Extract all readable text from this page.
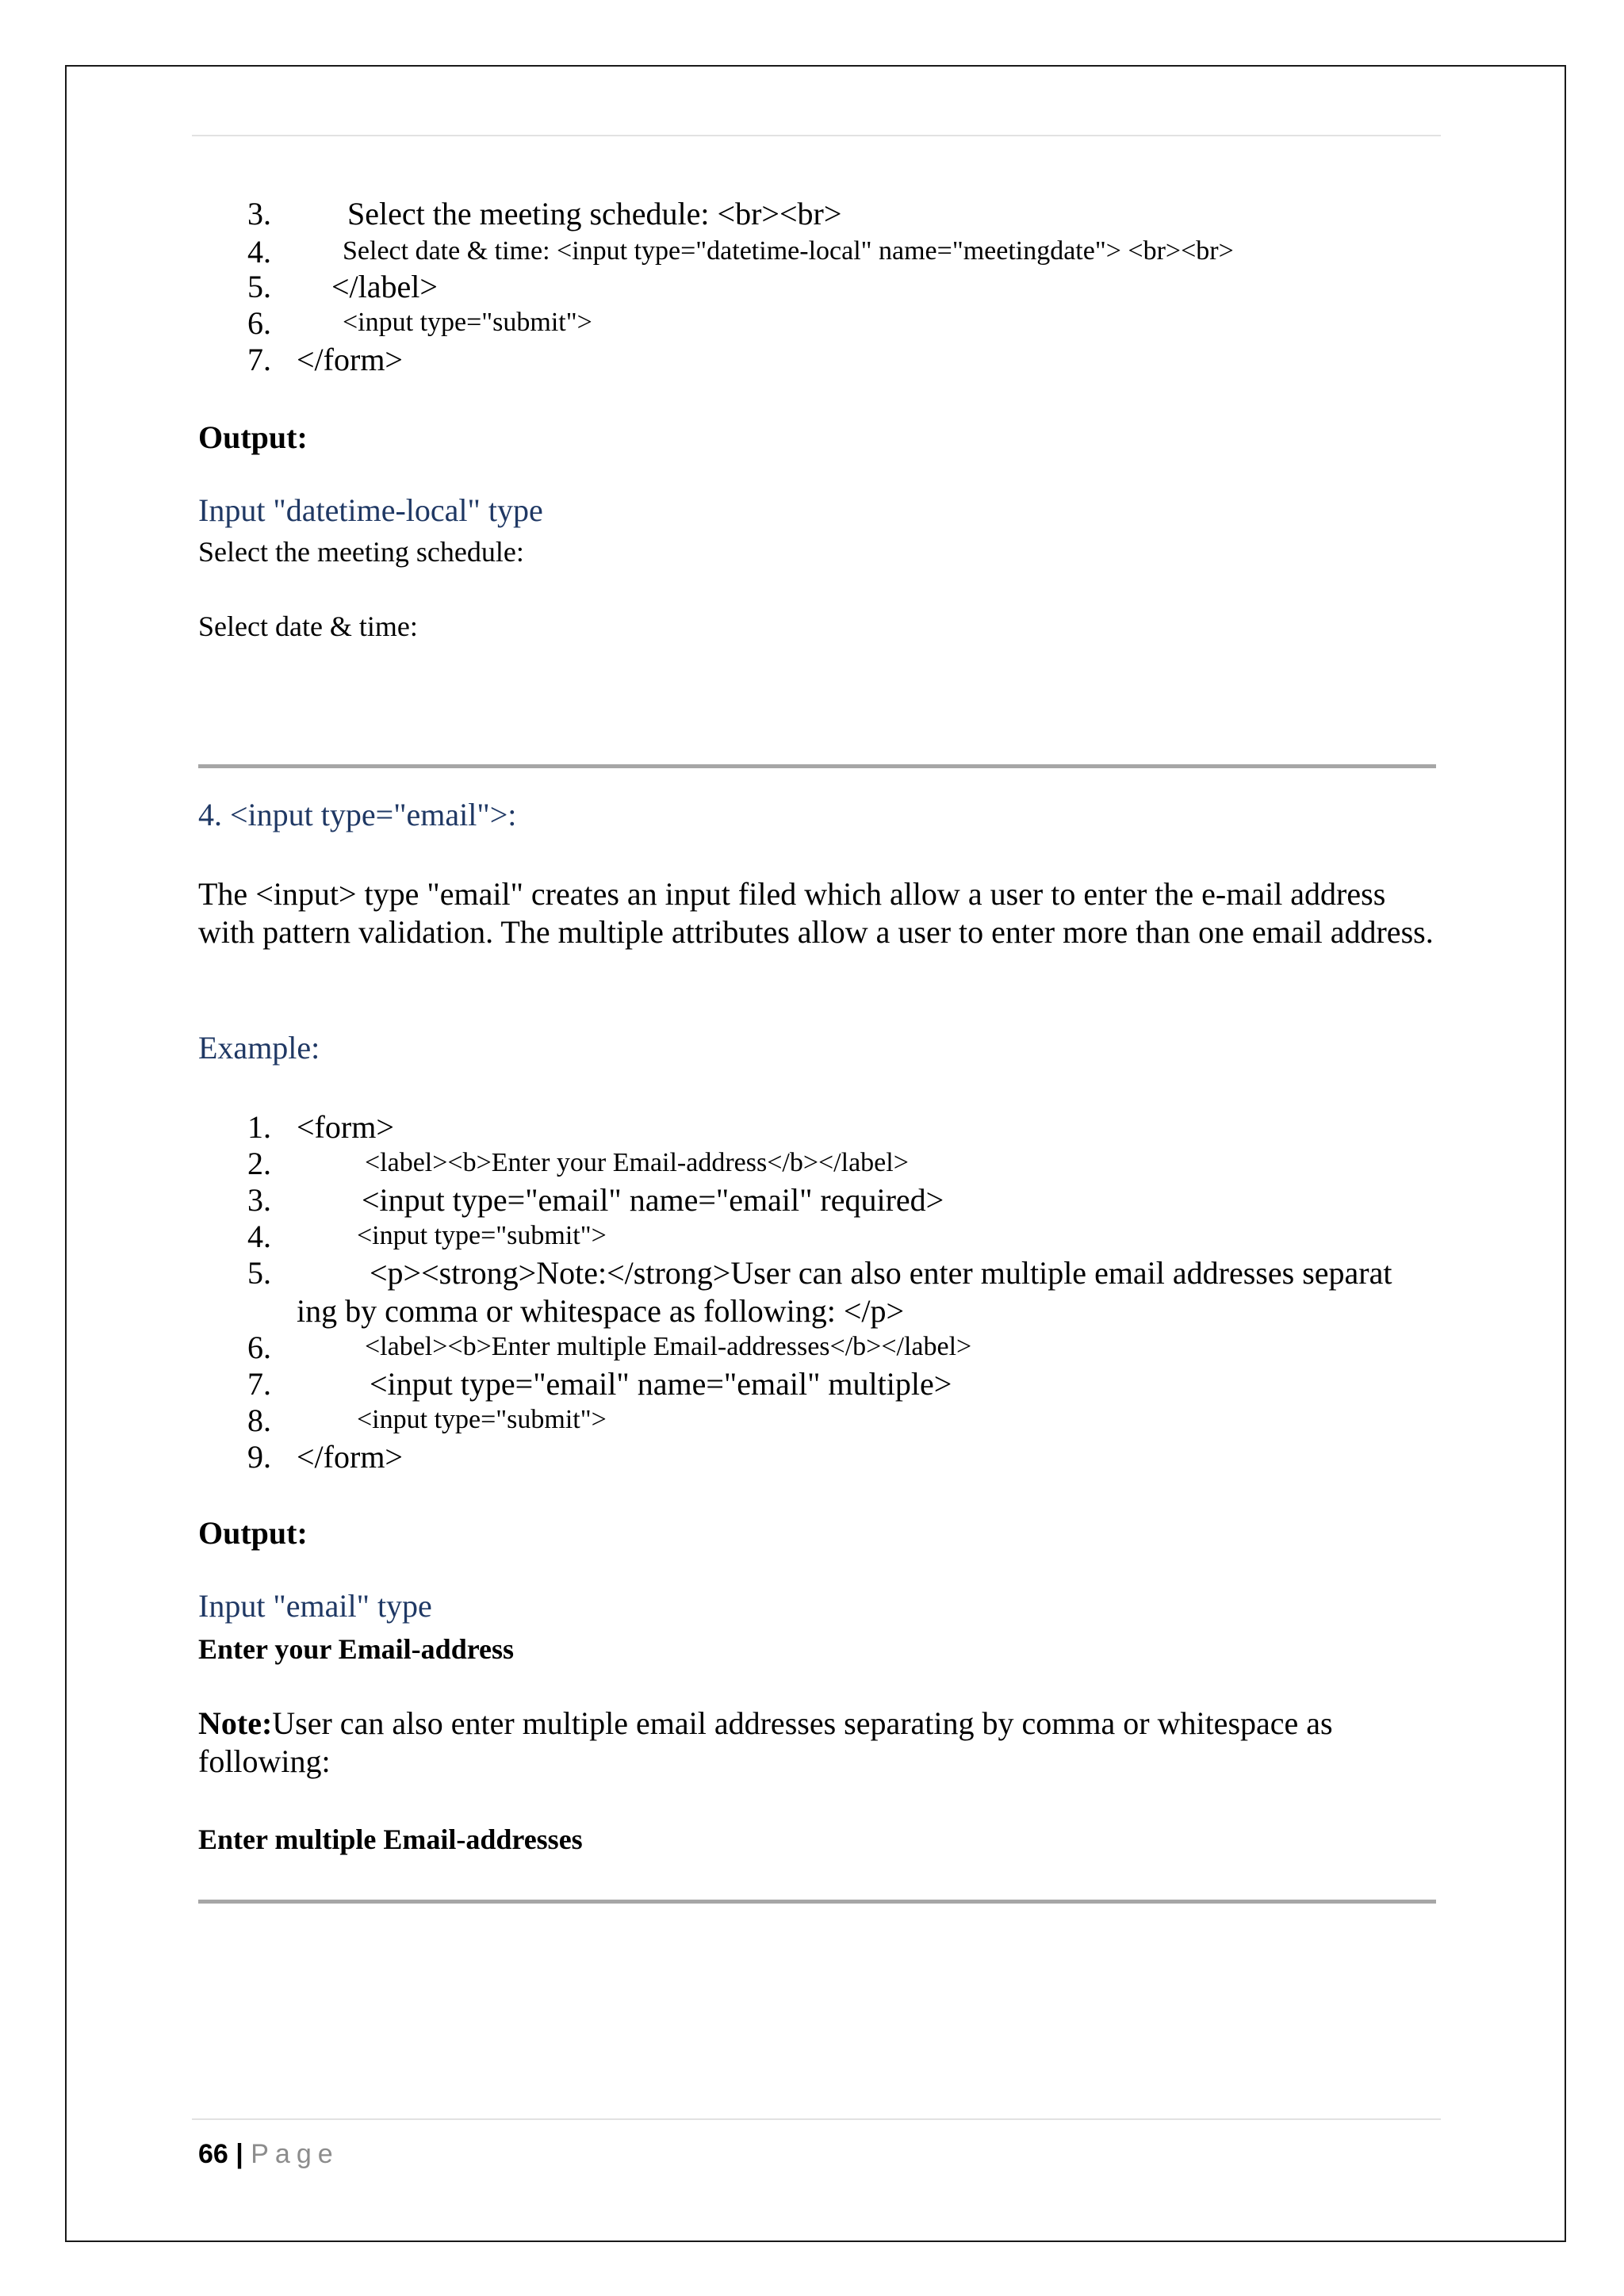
3. Select the meeting schedule: <br><br>
4.	Select date & time: <input type="datetime-local" name="meetingdate"> <br><br>
5. </label>
6.	<input type="submit">
7. </form>
Output:
Input "datetime-local" type
Select the meeting schedule:
Select date & time:
4. <input type="email">:
The <input> type "email" creates an input filed which allow a user to enter the e-mail address with pattern validation. The multiple attributes allow a user to enter more than one email address.
Example:
1. <form>
2.	<label><b>Enter your Email-address</b></label>
3.	<input type="email" name="email" required>
4.	<input type="submit">
5.	<p><strong>Note:</strong>User can also enter multiple email addresses separat
ing by comma or whitespace as following: </p>
6.	<label><b>Enter multiple Email-addresses</b></label>
7.	<input type="email" name="email" multiple>
8.	<input type="submit">
9. </form>
Output:
Input "email" type
Enter your Email-address
Note:User can also enter multiple email addresses separating by comma or whitespace as following:
Enter multiple Email-addresses
66 | Page
